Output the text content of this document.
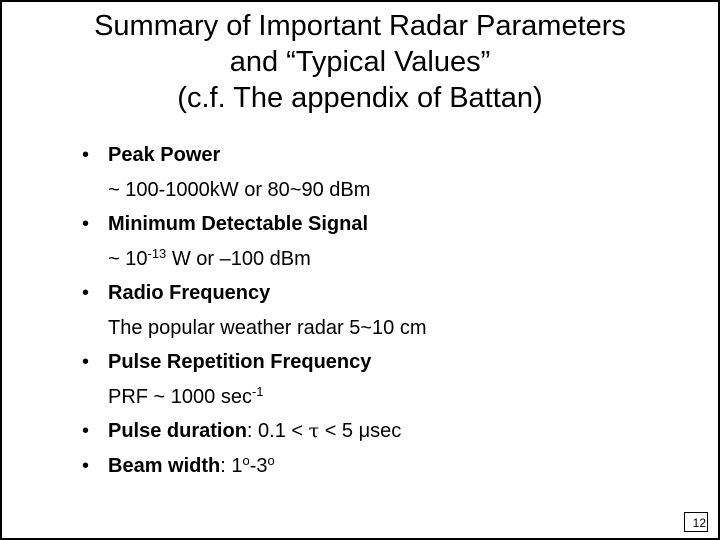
Summary of Important Radar Parameters
and “Typical Values”
(c.f. The appendix of Battan)
• Peak Power
~ 100-1000kW or 80~90 dBm
• Minimum Detectable Signal
~ $10^{-13}$ W or –100 dBm
• Radio Frequency
The popular weather radar 5~10 cm
• Pulse Repetition Frequency
PRF ~ 1000 $\sec^{-1}$
• Pulse duration: 0.1 < τ < 5 μsec
• Beam width: 1$^o$-3$^o$
12
